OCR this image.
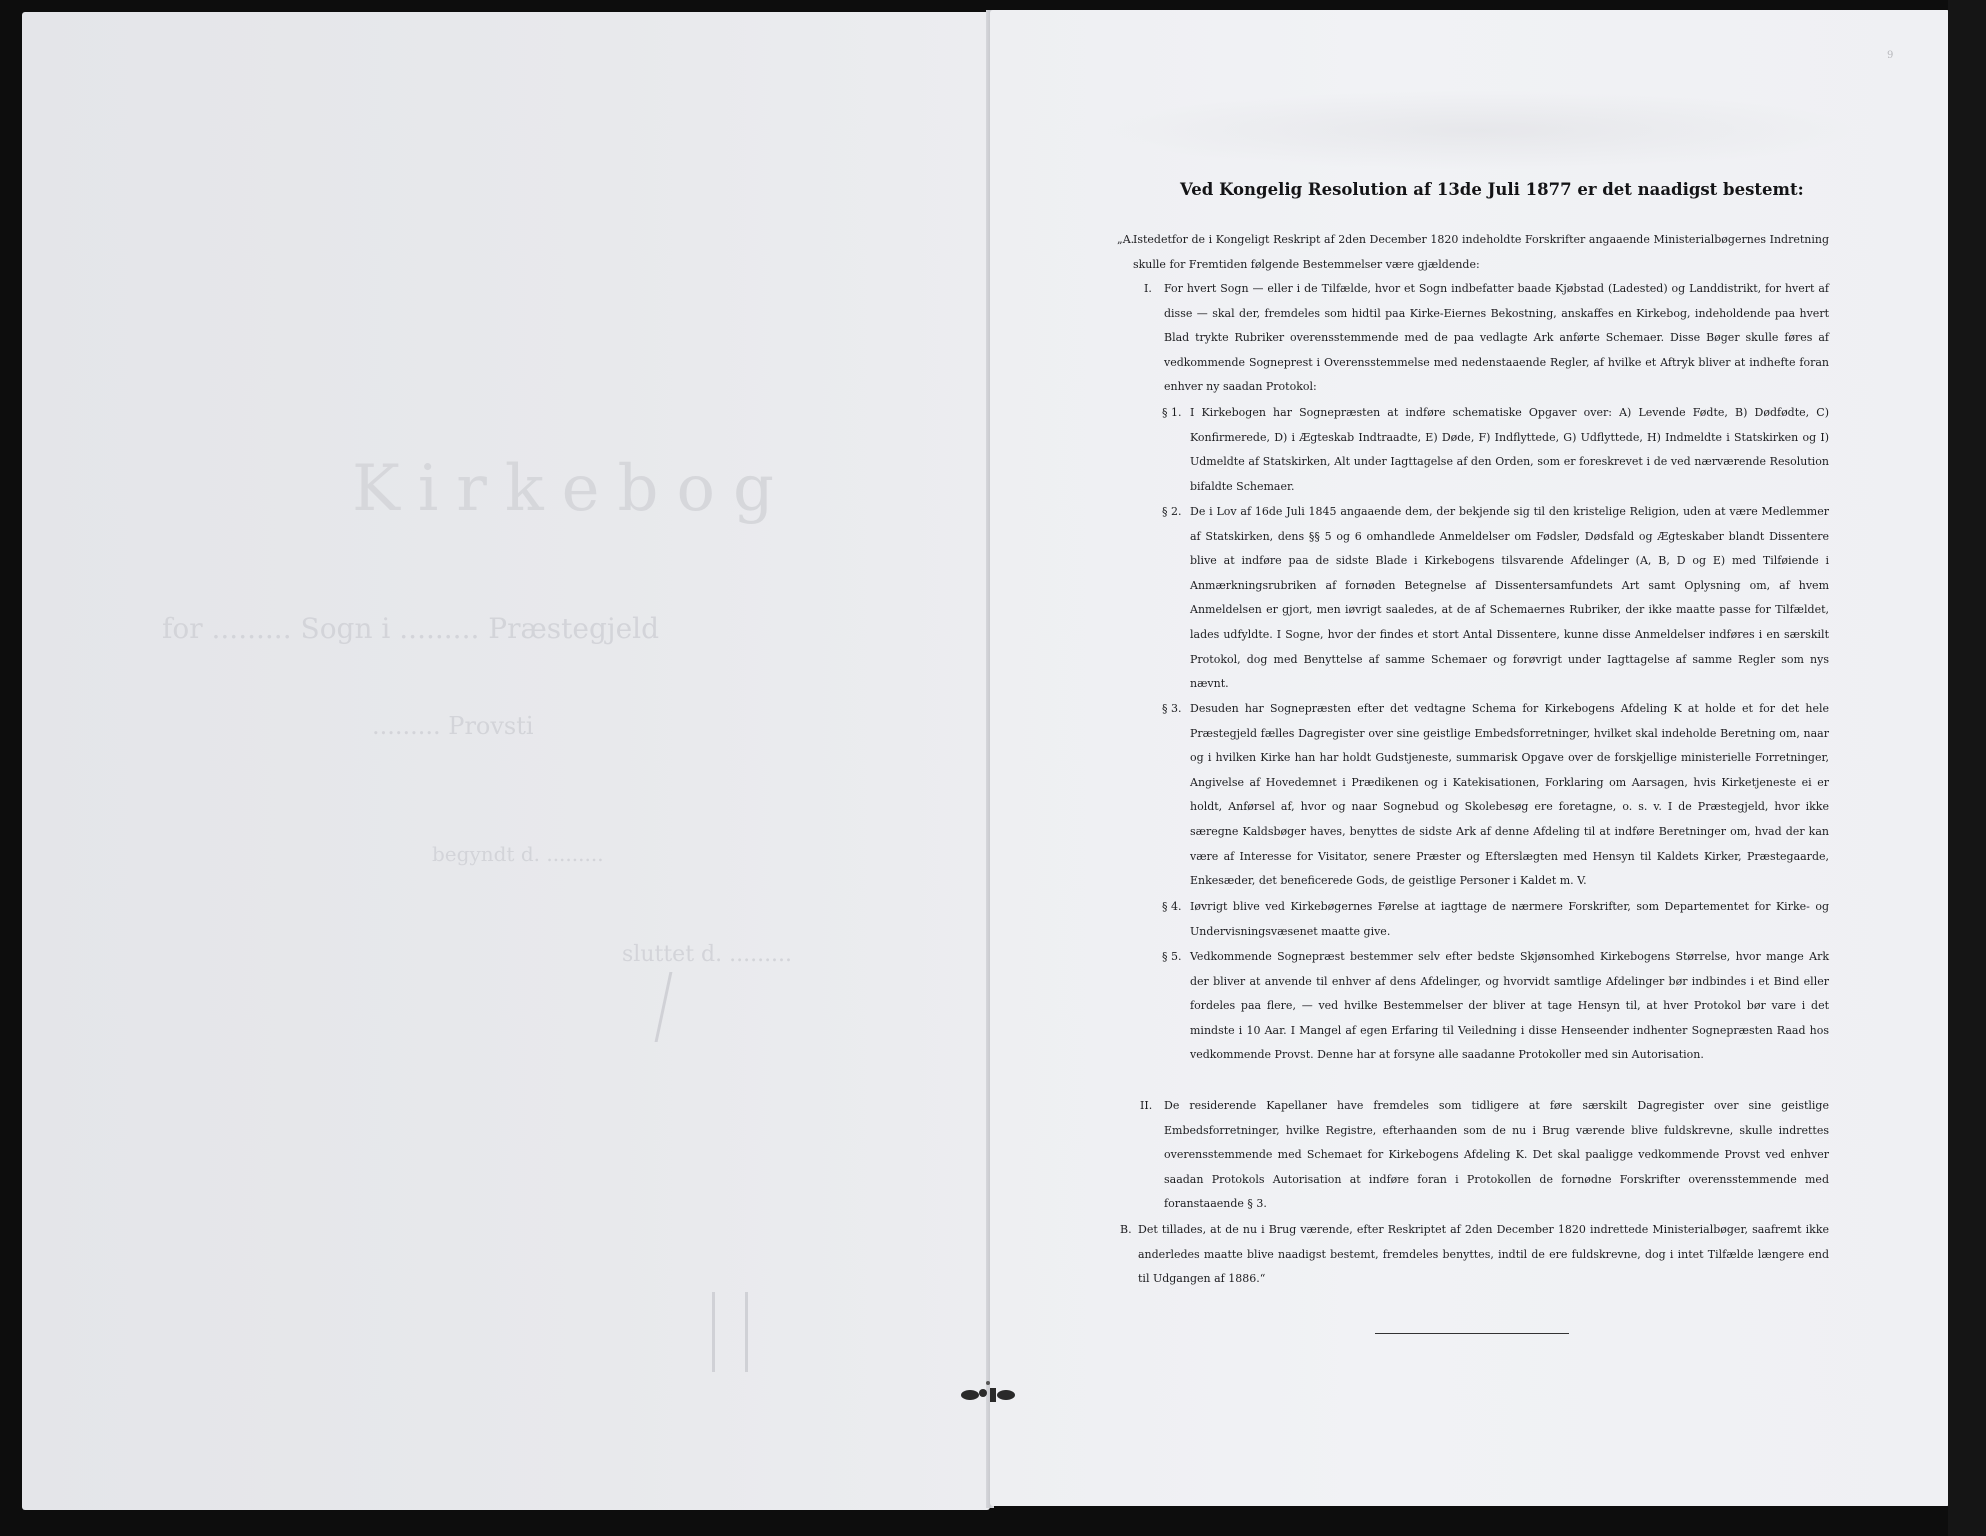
Kirkebog
for ......... Sogn i ......... Præstegjeld
......... Provsti
begyndt d. .........
sluttet d. .........
9
Ved Kongelig Resolution af 13de Juli 1877 er det naadigst bestemt:
„A.
Istedetfor de i Kongeligt Reskript af 2den December 1820 indeholdte Forskrifter angaaende Ministerialbøgernes Indretning skulle for Fremtiden følgende Bestemmelser være gjældende:
I. For hvert Sogn — eller i de Tilfælde, hvor et Sogn indbefatter baade Kjøbstad (Ladested) og Landdistrikt, for hvert af disse — skal der, fremdeles som hidtil paa Kirke-Eiernes Bekostning, anskaffes en Kirkebog, indeholdende paa hvert Blad trykte Rubriker overensstemmende med de paa vedlagte Ark anførte Schemaer. Disse Bøger skulle føres af vedkommende Sogneprest i Overensstemmelse med nedenstaaende Regler, af hvilke et Aftryk bliver at indhefte foran enhver ny saadan Protokol:
§ 1. I Kirkebogen har Sognepræsten at indføre schematiske Opgaver over: A) Levende Fødte, B) Dødfødte, C) Konfirmerede, D) i Ægteskab Indtraadte, E) Døde, F) Indflyttede, G) Udflyttede, H) Indmeldte i Statskirken og I) Udmeldte af Statskirken, Alt under Iagttagelse af den Orden, som er foreskrevet i de ved nærværende Resolution bifaldte Schemaer.
§ 2. De i Lov af 16de Juli 1845 angaaende dem, der bekjende sig til den kristelige Religion, uden at være Medlemmer af Statskirken, dens §§ 5 og 6 omhandlede Anmeldelser om Fødsler, Dødsfald og Ægteskaber blandt Dissentere blive at indføre paa de sidste Blade i Kirkebogens tilsvarende Afdelinger (A, B, D og E) med Tilføiende i Anmærkningsrubriken af fornøden Betegnelse af Dissentersamfundets Art samt Oplysning om, af hvem Anmeldelsen er gjort, men iøvrigt saaledes, at de af Schemaernes Rubriker, der ikke maatte passe for Tilfældet, lades udfyldte. I Sogne, hvor der findes et stort Antal Dissentere, kunne disse Anmeldelser indføres i en særskilt Protokol, dog med Benyttelse af samme Schemaer og forøvrigt under Iagttagelse af samme Regler som nys nævnt.
§ 3. Desuden har Sognepræsten efter det vedtagne Schema for Kirkebogens Afdeling K at holde et for det hele Præstegjeld fælles Dagregister over sine geistlige Embedsforretninger, hvilket skal indeholde Beretning om, naar og i hvilken Kirke han har holdt Gudstjeneste, summarisk Opgave over de forskjellige ministerielle Forretninger, Angivelse af Hovedemnet i Prædikenen og i Katekisationen, Forklaring om Aarsagen, hvis Kirketjeneste ei er holdt, Anførsel af, hvor og naar Sognebud og Skolebesøg ere foretagne, o. s. v. I de Præstegjeld, hvor ikke særegne Kaldsbøger haves, benyttes de sidste Ark af denne Afdeling til at indføre Beretninger om, hvad der kan være af Interesse for Visitator, senere Præster og Efterslægten med Hensyn til Kaldets Kirker, Præstegaarde, Enkesæder, det beneficerede Gods, de geistlige Personer i Kaldet m. V.
§ 4. Iøvrigt blive ved Kirkebøgernes Førelse at iagttage de nærmere Forskrifter, som Departementet for Kirke- og Undervisningsvæsenet maatte give.
§ 5. Vedkommende Sognepræst bestemmer selv efter bedste Skjønsomhed Kirkebogens Størrelse, hvor mange Ark der bliver at anvende til enhver af dens Afdelinger, og hvorvidt samtlige Afdelinger bør indbindes i et Bind eller fordeles paa flere, — ved hvilke Bestemmelser der bliver at tage Hensyn til, at hver Protokol bør vare i det mindste i 10 Aar. I Mangel af egen Erfaring til Veiledning i disse Henseender indhenter Sognepræsten Raad hos vedkommende Provst. Denne har at forsyne alle saadanne Protokoller med sin Autorisation.
II. De residerende Kapellaner have fremdeles som tidligere at føre særskilt Dagregister over sine geistlige Embedsforretninger, hvilke Registre, efterhaanden som de nu i Brug værende blive fuldskrevne, skulle indrettes overensstemmende med Schemaet for Kirkebogens Afdeling K. Det skal paaligge vedkommende Provst ved enhver saadan Protokols Autorisation at indføre foran i Protokollen de fornødne Forskrifter overensstemmende med foranstaaende § 3.
B. Det tillades, at de nu i Brug værende, efter Reskriptet af 2den December 1820 indrettede Ministerialbøger, saafremt ikke anderledes maatte blive naadigst bestemt, fremdeles benyttes, indtil de ere fuldskrevne, dog i intet Tilfælde længere end til Udgangen af 1886.“
